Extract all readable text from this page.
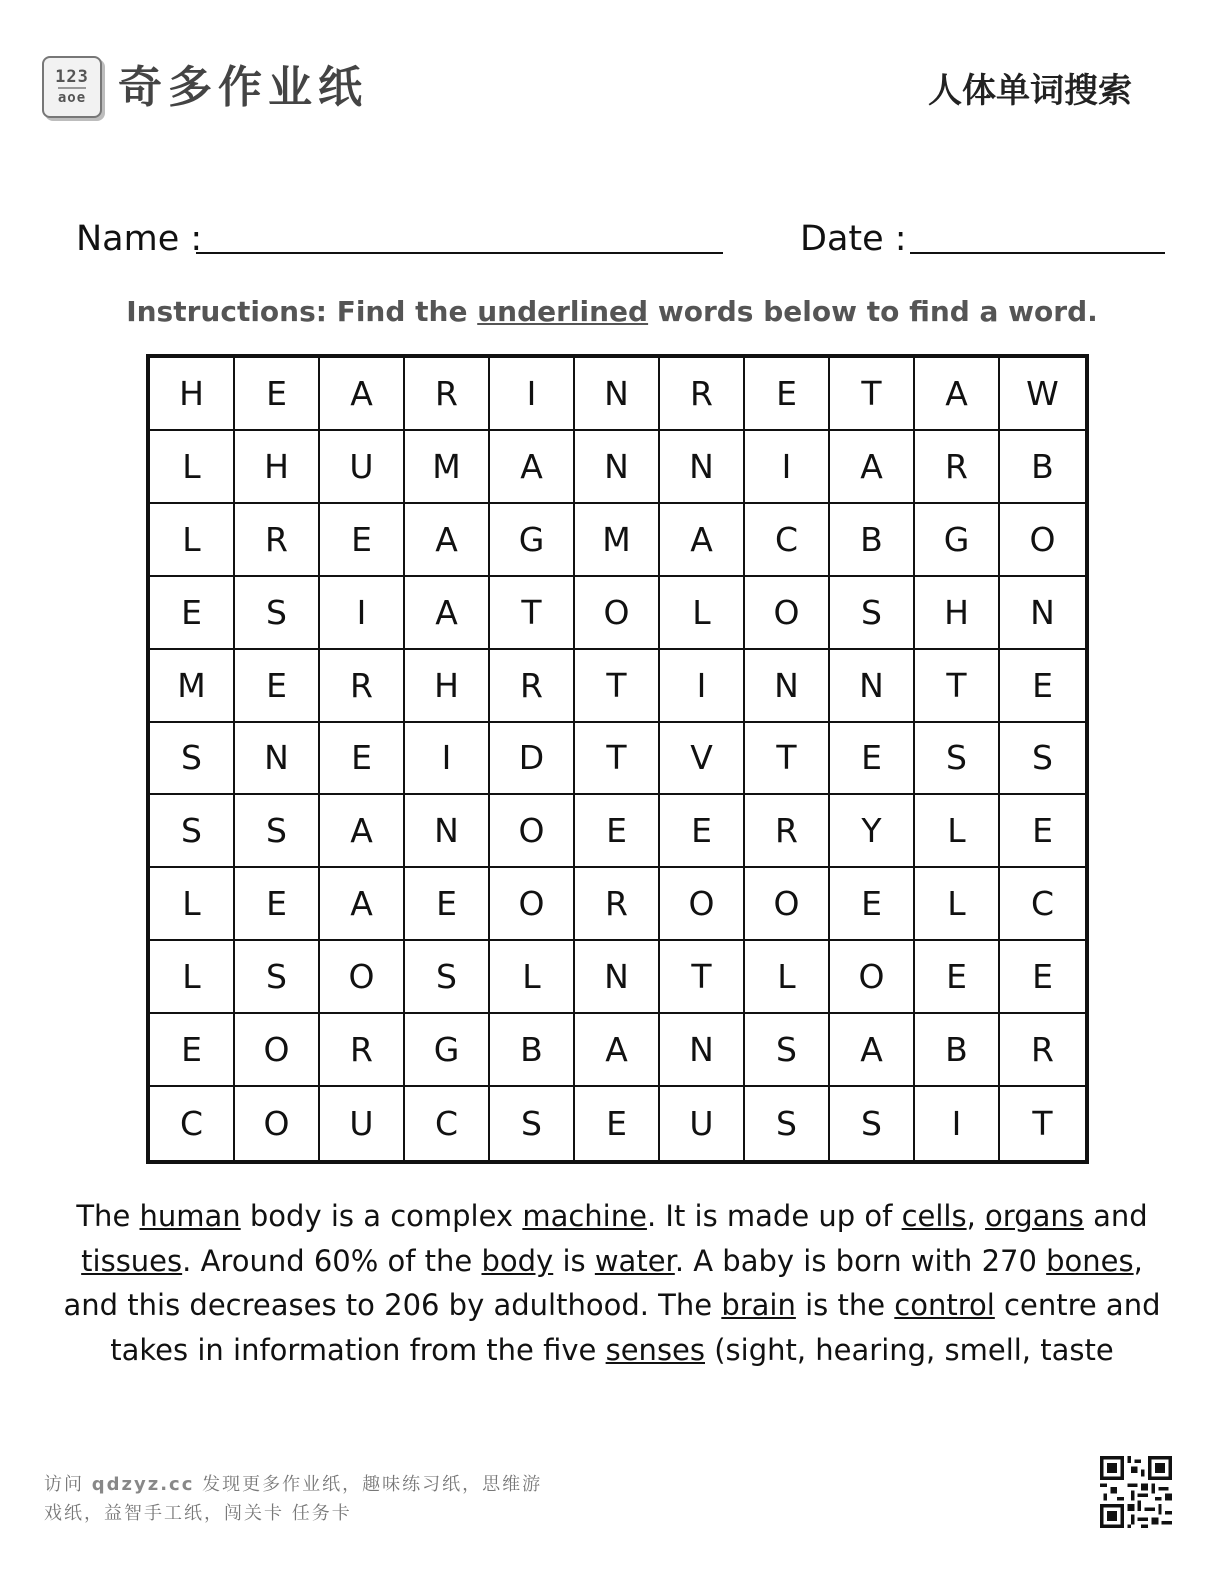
123
aoe 奇多作业纸	人体单词搜索
Name :	Date :
Instructions: Find the underlined words below to find a word.
H	E	A	R	I	N	R	E	T	A	W
L	H	U	M	A	N	N	I	A	R	B
L	R	E	A	G	M	A	C	B	G	O
E	S	I	A	T	O	L	O	S	H	N
M	E	R	H	R	T	I	N	N	T	E
S	N	E	I	D	T	V	T	E	S	S
S	S	A	N	O	E	E	R	Y	L	E
L	E	A	E	O	R	O	O	E	L	C
L	S	O	S	L	N	T	L	O	E	E
E	O	R	G	B	A	N	S	A	B	R
C	O	U	C	S	E	U	S	S	I	T
The human body is a complex machine. It is made up of cells, organs and tissues. Around 60% of the body is water. A baby is born with 270 bones, and this decreases to 206 by adulthood. The brain is the control centre and takes in information from the five senses (sight, hearing, smell, taste
访问 qdzyz.cc 发现更多作业纸，趣味练习纸，思维游
戏纸，益智手工纸，闯关卡 任务卡
